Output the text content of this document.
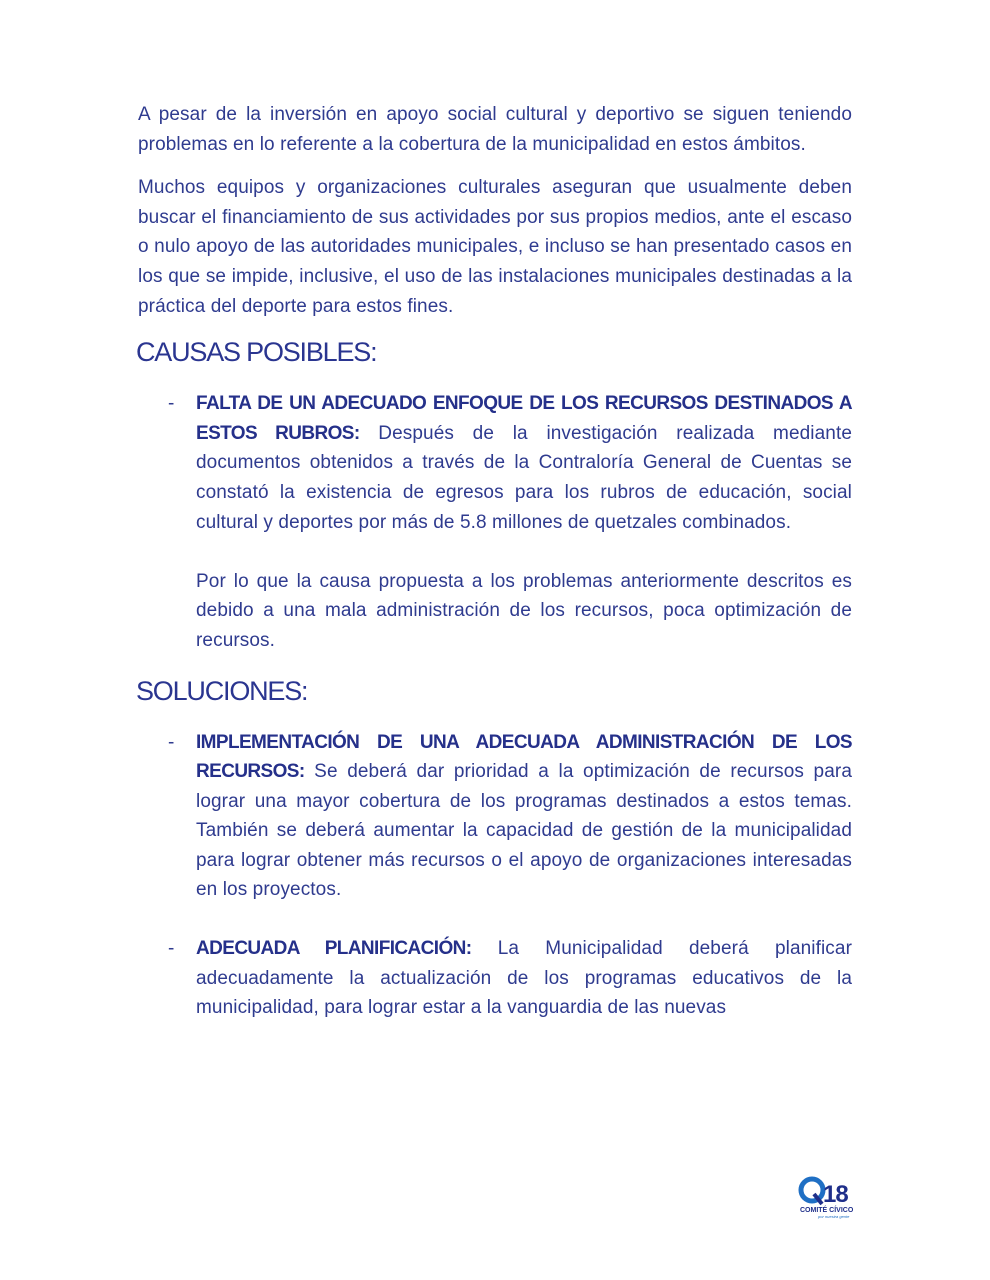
A pesar de la inversión en apoyo social cultural y deportivo se siguen teniendo problemas en lo referente a la cobertura de la municipalidad en estos ámbitos.

Muchos equipos y organizaciones culturales aseguran que usualmente deben buscar el financiamiento de sus actividades por sus propios medios, ante el escaso o nulo apoyo de las autoridades municipales, e incluso se han presentado casos en los que se impide, inclusive, el uso de las instalaciones municipales destinadas a la práctica del deporte para estos fines.

CAUSAS POSIBLES:
- FALTA DE UN ADECUADO ENFOQUE DE LOS RECURSOS DESTINADOS A ESTOS RUBROS: Después de la investigación realizada mediante documentos obtenidos a través de la Contraloría General de Cuentas se constató la existencia de egresos para los rubros de educación, social cultural y deportes por más de 5.8 millones de quetzales combinados.

Por lo que la causa propuesta a los problemas anteriormente descritos es debido a una mala administración de los recursos, poca optimización de recursos.

SOLUCIONES:
- IMPLEMENTACIÓN DE UNA ADECUADA ADMINISTRACIÓN DE LOS RECURSOS: Se deberá dar prioridad a la optimización de recursos para lograr una mayor cobertura de los programas destinados a estos temas. También se deberá aumentar la capacidad de gestión de la municipalidad para lograr obtener más recursos o el apoyo de organizaciones interesadas en los proyectos.

- ADECUADA PLANIFICACIÓN: La Municipalidad deberá planificar adecuadamente la actualización de los programas educativos de la municipalidad, para lograr estar a la vanguardia de las nuevas

18
COMITÉ CÍVICO
por nuestra gente
